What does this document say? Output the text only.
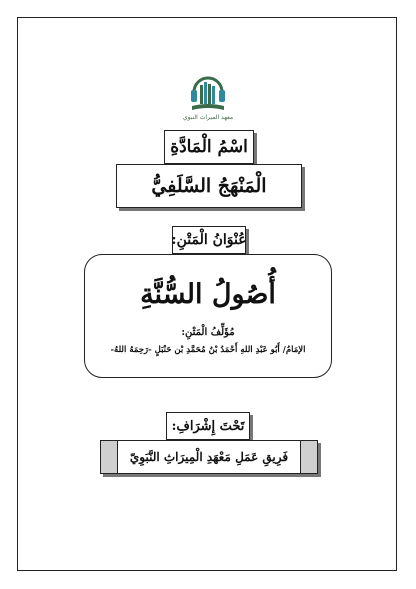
معهد الميراث النبوي
اسْمُ الْمَادَّةِ
الْمَنْهَجُ السَّلَفِيُّ
عُنْوَانُ الْمَتْنِ:
أُصُولُ السُّنَّةِ
مُؤَلِّفُ الْمَتْنِ:
الإمَامُ/ أَبُو عَبْدِ اللهِ أَحْمَدُ بْنُ مُحَمَّدِ بْن حَنْبَلٍ -رَحِمَهُ اللهُ-
تَحْتَ إِشْرَافِ:
فَرِيقِ عَمَلِ مَعْهَدِ الْمِيرَاثِ النَّبَوِيّ
